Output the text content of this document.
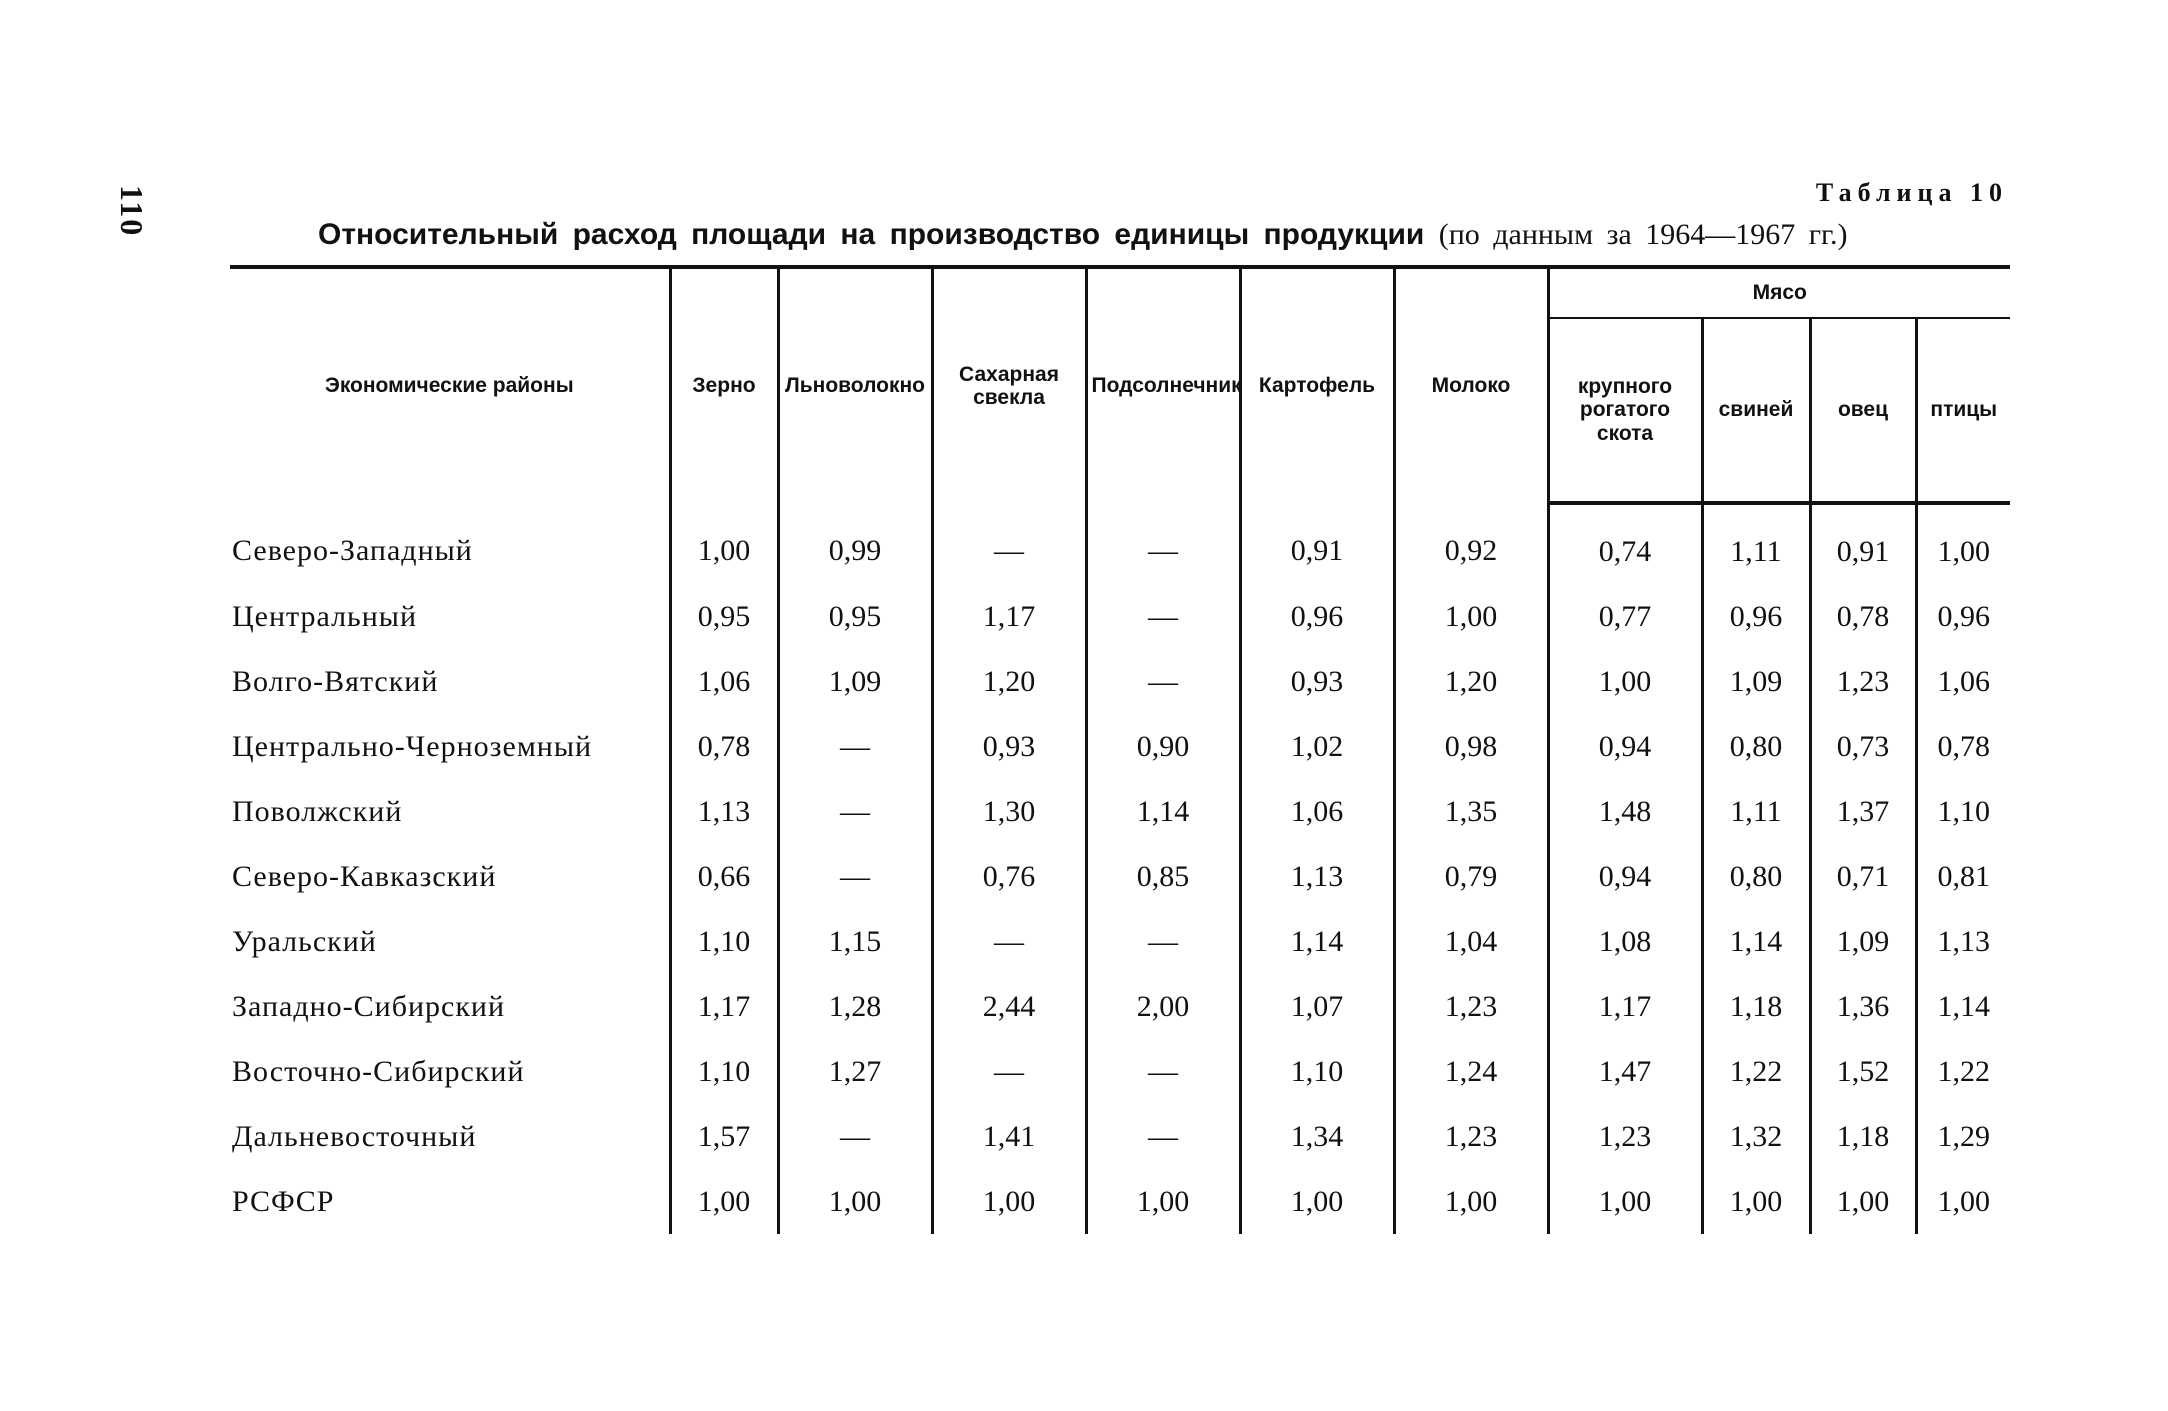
110	Таблица 10
Относительный расход площади на производство единицы продукции (по данным за 1964—1967 гг.)
Экономические районы	Зерно	Льноволокно	Сахарная свекла	Подсолнечник	Картофель	Молоко	Мясо			
							крупного рогатого скота	свиней	овец	птицы
Северо-Западный	1,00	0,99	—	—	0,91	0,92	0,74	1,11	0,91	1,00
Центральный	0,95	0,95	1,17	—	0,96	1,00	0,77	0,96	0,78	0,96
Волго-Вятский	1,06	1,09	1,20	—	0,93	1,20	1,00	1,09	1,23	1,06
Центрально-Черноземный	0,78	—	0,93	0,90	1,02	0,98	0,94	0,80	0,73	0,78
Поволжский	1,13	—	1,30	1,14	1,06	1,35	1,48	1,11	1,37	1,10
Северо-Кавказский	0,66	—	0,76	0,85	1,13	0,79	0,94	0,80	0,71	0,81
Уральский	1,10	1,15	—	—	1,14	1,04	1,08	1,14	1,09	1,13
Западно-Сибирский	1,17	1,28	2,44	2,00	1,07	1,23	1,17	1,18	1,36	1,14
Восточно-Сибирский	1,10	1,27	—	—	1,10	1,24	1,47	1,22	1,52	1,22
Дальневосточный	1,57	—	1,41	—	1,34	1,23	1,23	1,32	1,18	1,29
РСФСР	1,00	1,00	1,00	1,00	1,00	1,00	1,00	1,00	1,00	1,00
